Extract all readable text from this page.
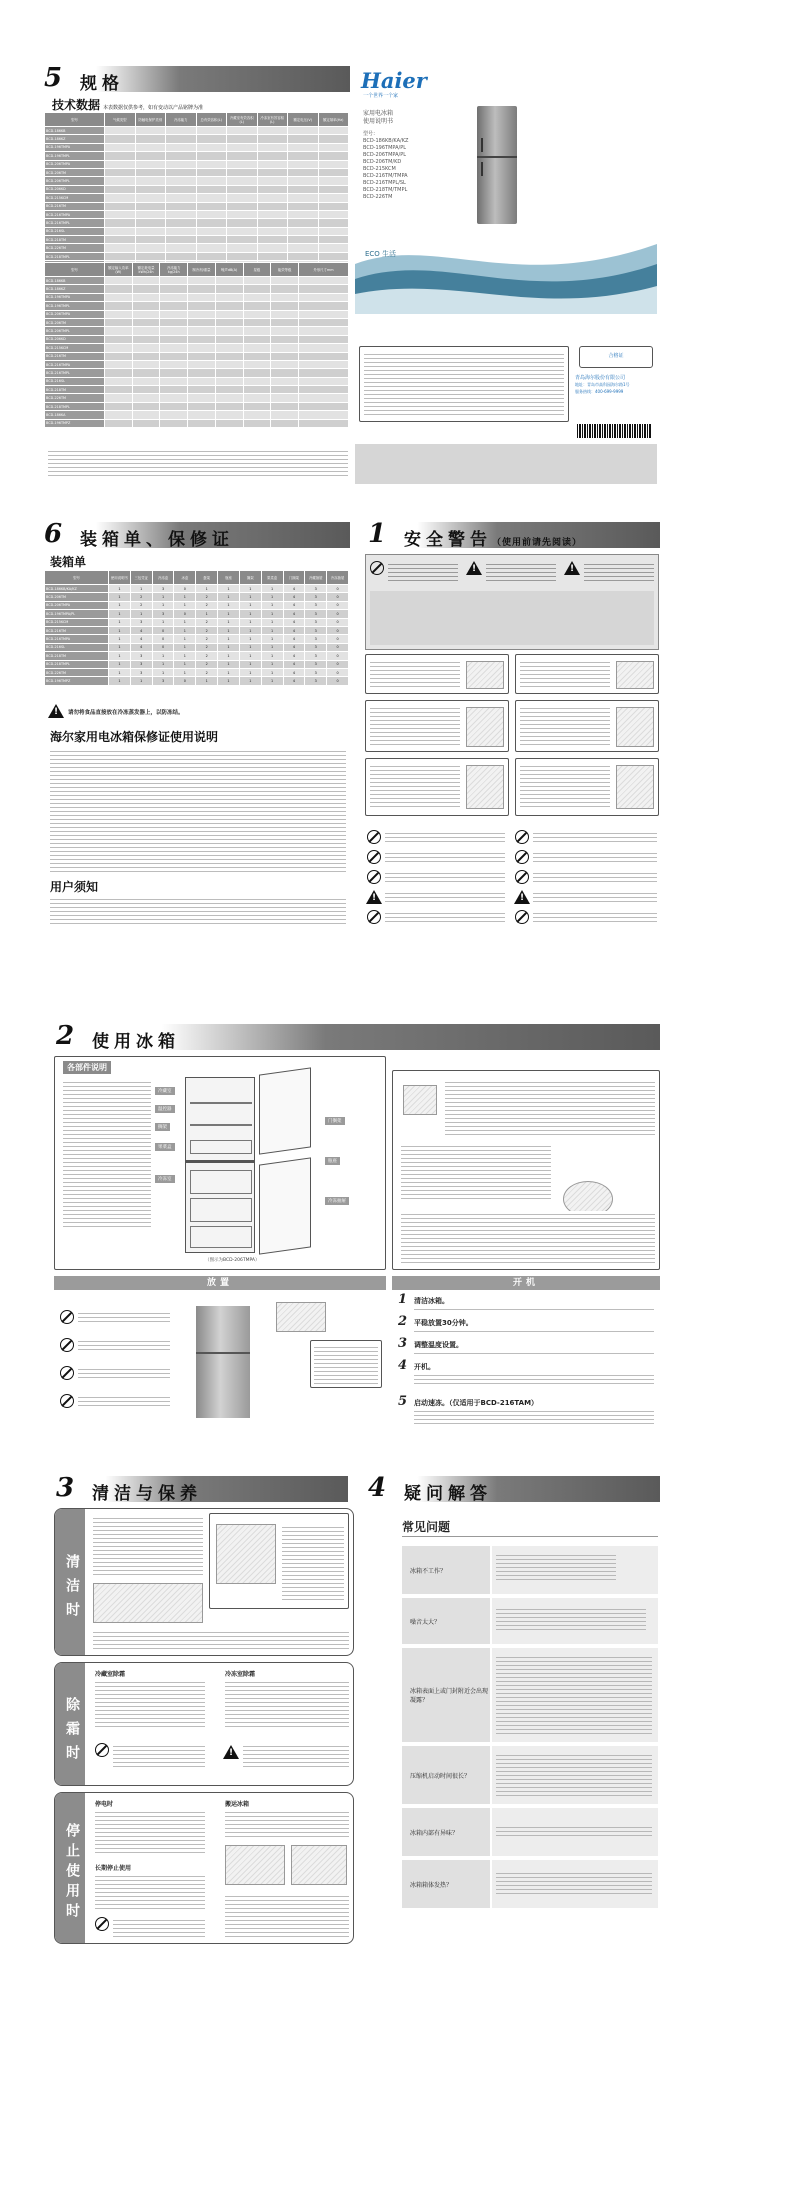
5 规格
技术数据 本表数据仅供参考，如有变动以产品铭牌为准
型号	气候类型	防触电保护类别	冷冻能力	总有效容积(L)	冷藏室有效容积(L)	冷冻室有效容积(L)	额定电压(V)	额定频率(Hz)
BCD-186KB								
BCD-186KZ								
BCD-196TMPA								
BCD-196TMPL								
BCD-206TMPA								
BCD-206TM								
BCD-206TMPL								
BCD-206KD								
BCD-215KCM								
BCD-216TM								
BCD-216TMPA								
BCD-216TMPL								
BCD-216SL								
BCD-218TM								
BCD-226TM								
BCD-218TMPL								

型号	额定输入功率(W)	额定耗电量kWh/24h	冷冻能力kg/24h	制冷剂/重量	噪声dB(A)	星级	能效等级	外形尺寸mm
BCD-186KB								
BCD-186KZ								
BCD-196TMPA								
BCD-196TMPL								
BCD-206TMPA								
BCD-206TM								
BCD-206TMPL								
BCD-206KD								
BCD-215KCM								
BCD-216TM								
BCD-216TMPA								
BCD-216TMPL								
BCD-216SL								
BCD-218TM								
BCD-226TM								
BCD-218TMPL								
BCD-186KA								
BCD-196TMPZ								
Haier
一个世界一个家
家用电冰箱
使用说明书
型号：
BCD-186KB/KA/KZ
BCD-196TMPA/PL
BCD-206TMPA/PL
BCD-206TM/KD
BCD-215KCM
BCD-216TM/TMPA
BCD-216TMPL/SL
BCD-218TM/TMPL
BCD-226TM
ECO 生活
请在使用冰箱前仔细阅读本说明书
并将本说明书妥善保管以备日后查阅
合格证
青岛海尔股份有限公司
地址：青岛市高科园海尔路1号
服务热线：400-699-9999
6 装箱单、保修证
装箱单
型号	使用说明书	三包凭证	冷冻盒	冰盒	蛋架	瓶座	搁架	果菜盒	门搁架	冷藏抽屉	冷冻抽屉
BCD-186KB/KA/KZ	1	1	3	0	1	1	1	1	4	3	0
BCD-206TM	1	2	1	1	2	1	1	1	4	3	0
BCD-206TMPA	1	2	1	1	2	1	1	1	4	3	0
BCD-196TMPA/PL	1	1	3	0	1	1	1	1	4	3	0
BCD-215KCM	1	3	1	1	2	1	1	1	4	3	0
BCD-216TM	1	4	0	1	2	1	1	1	4	3	0
BCD-216TMPA	1	4	0	1	2	1	1	1	4	3	0
BCD-216SL	1	4	0	1	2	1	1	1	4	3	0
BCD-218TM	1	3	1	1	2	1	1	1	4	3	0
BCD-218TMPL	1	3	1	1	2	1	1	1	4	3	0
BCD-226TM	1	3	1	1	2	1	1	1	4	3	0
BCD-196TMPZ	1	1	3	0	1	1	1	1	4	3	0
!
请勿将食品直接放在冷冻蒸发器上，以防冻结。
海尔家用电冰箱保修证使用说明
用户须知
1 安全警告（使用前请先阅读）
!
!
!
!
2 使用冰箱
各部件说明
冷藏室
冷冻室
温控器
搁架
门搁架
果菜盒
冷冻抽屉
瓶座
（图示为BCD-206TMPA）
放置	开机
1 清洁冰箱。
2 平稳放置30分钟。
3 调整温度设置。
4 开机。
5 启动速冻。（仅适用于BCD-216TAM）
3 清洁与保养
清洁时
除霜时
冷藏室除霜	冷冻室除霜
!
停止使用时
停电时	搬运冰箱
长期停止使用
4 疑问解答
常见问题
冰箱不工作？
噪音太大？
冰箱表面上或门封附近会出现凝露？
压缩机启动时间很长？
冰箱内部有异味？
冰箱箱体发热？
